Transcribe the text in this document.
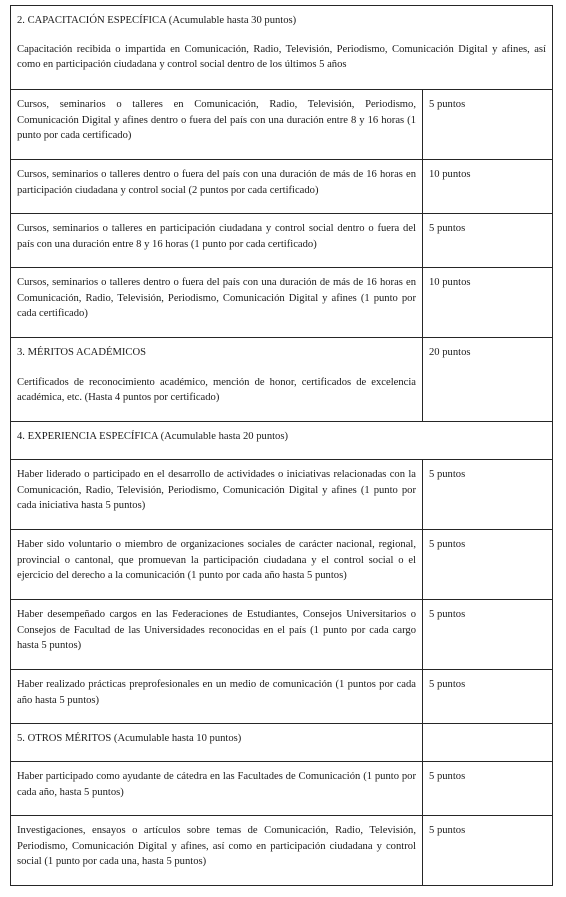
2. CAPACITACIÓN ESPECÍFICA (Acumulable hasta 30 puntos)
Capacitación recibida o impartida en Comunicación, Radio, Televisión, Periodismo, Comunicación Digital y afines, así como en participación ciudadana y control social dentro de los últimos 5 años	

Cursos, seminarios o talleres en Comunicación, Radio, Televisión, Periodismo, Comunicación Digital y afines dentro o fuera del país con una duración entre 8 y 16 horas (1 punto por cada certificado)	5 puntos
Cursos, seminarios o talleres dentro o fuera del país con una duración de más de 16 horas en participación ciudadana y control social (2 puntos por cada certificado)	10 puntos
Cursos, seminarios o talleres en participación ciudadana y control social dentro o fuera del país con una duración entre 8 y 16 horas (1 punto por cada certificado)	5 puntos
Cursos, seminarios o talleres dentro o fuera del país con una duración de más de 16 horas en Comunicación, Radio, Televisión, Periodismo, Comunicación Digital y afines (1 punto por cada certificado)	10 puntos

3. MÉRITOS ACADÉMICOS
Certificados de reconocimiento académico, mención de honor, certificados de excelencia académica, etc. (Hasta 4 puntos por certificado)	20 puntos
4. EXPERIENCIA ESPECÍFICA (Acumulable hasta 20 puntos)	
Haber liderado o participado en el desarrollo de actividades o iniciativas relacionadas con la Comunicación, Radio, Televisión, Periodismo, Comunicación Digital y afines (1 punto por cada iniciativa hasta 5 puntos)	5 puntos
Haber sido voluntario o miembro de organizaciones sociales de carácter nacional, regional, provincial o cantonal, que promuevan la participación ciudadana y el control social o el ejercicio del derecho a la comunicación (1 punto por cada año hasta 5 puntos)	5 puntos
Haber desempeñado cargos en las Federaciones de Estudiantes, Consejos Universitarios o Consejos de Facultad de las Universidades reconocidas en el país (1 punto por cada cargo hasta 5 puntos)	5 puntos
Haber realizado prácticas preprofesionales en un medio de comunicación (1 puntos por cada año hasta 5 puntos)	5 puntos
5. OTROS MÉRITOS (Acumulable hasta 10 puntos)	
Haber participado como ayudante de cátedra en las Facultades de Comunicación (1 punto por cada año, hasta 5 puntos)	5 puntos
Investigaciones, ensayos o artículos sobre temas de Comunicación, Radio, Televisión, Periodismo, Comunicación Digital y afines, así como en participación ciudadana y control social (1 punto por cada una, hasta 5 puntos)	5 puntos
